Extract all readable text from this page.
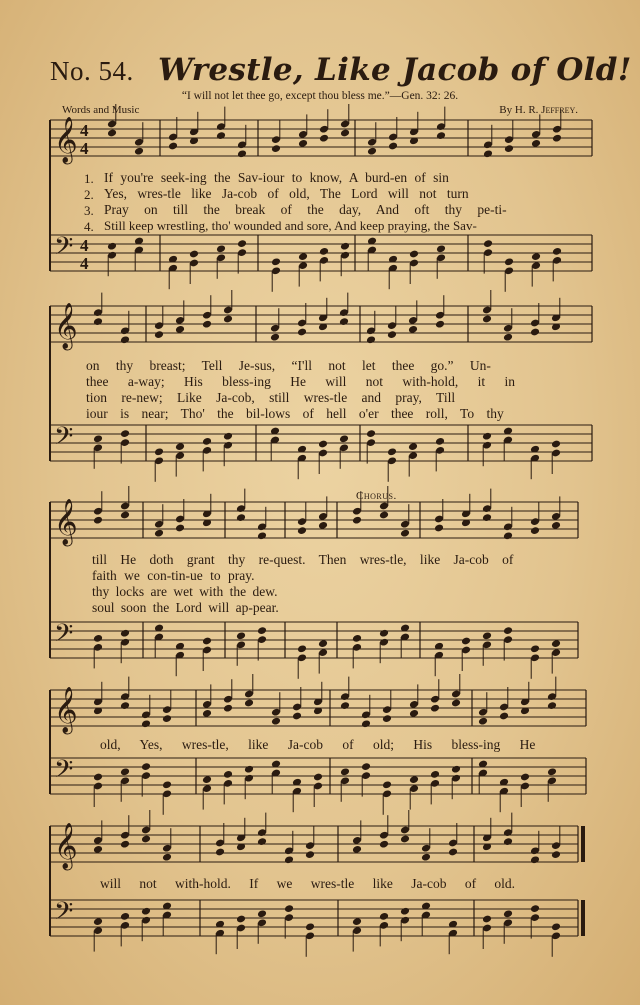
No. 54. Wrestle, Like Jacob of Old!
“I will not let thee go, except thou bless me.”—Gen. 32: 26.
Words and Music	By H. R. Jeffrey.
𝄞 4
4
𝄢 4
4
𝄞
𝄢
𝄞
𝄢
𝄞
𝄢
𝄞
𝄢
1.
2.
3.
4.
If you're seek-ing the Sav-iour to know, A burd-en of sin
Yes, wres-tle like Ja-cob of old, The Lord will not turn
Pray on till the break of the day, And oft thy pe-ti-
Still keep wrestling, tho' wounded and sore, And keep praying, the Sav-
on thy breast; Tell Je-sus, “I'll not let thee go.” Un-
thee a-way; His bless-ing He will not with-hold, it in
tion re-new; Like Ja-cob, still wres-tle and pray, Till
iour is near; Tho' the bil-lows of hell o'er thee roll, To thy
Chorus.
till He doth grant thy re-quest. Then wres-tle, like Ja-cob of
faith we con-tin-ue to pray.
thy locks are wet with the dew.
soul soon the Lord will ap-pear.
old, Yes, wres-tle, like Ja-cob of old; His bless-ing He
will not with-hold. If we wres-tle like Ja-cob of old.
